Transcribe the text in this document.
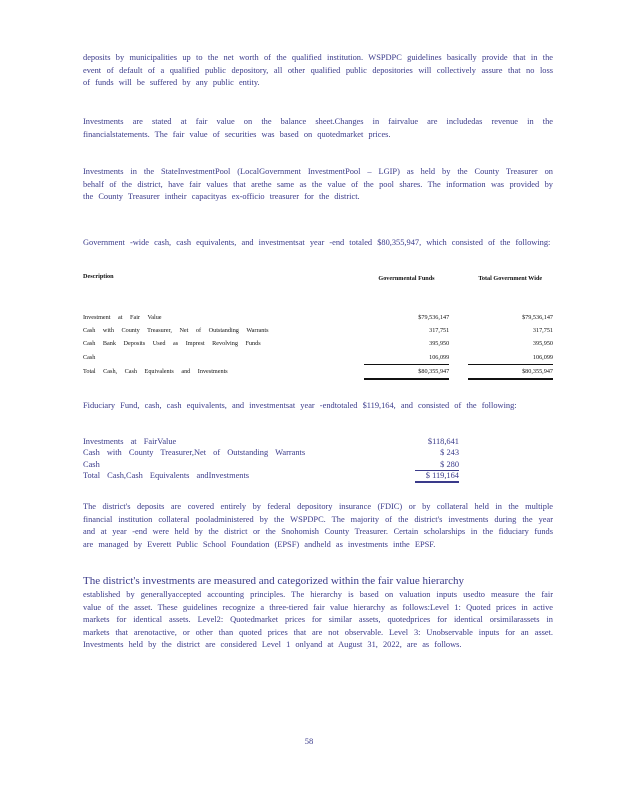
deposits by municipalities up to the net worth of the qualified institution. WSPDPC guidelines basically provide that in the event of default of a qualified public depository, all other qualified public depositories will collectively assure that no loss of funds will be suffered by any public entity.

Investments are stated at fair value on the balance sheet.Changes in fairvalue are includedas revenue in the financialstatements. The fair value of securities was based on quotedmarket prices.

Investments in the StateInvestmentPool (LocalGovernment InvestmentPool – LGIP) as held by the County Treasurer on behalf of the district, have fair values that arethe same as the value of the pool shares. The information was provided by the County Treasurer intheir capacityas ex-officio treasurer for the district.

Government -wide cash, cash equivalents, and investmentsat year -end totaled $80,355,947, which consisted of the following:

Description	Governmental Funds		Total Government Wide
Investment at Fair Value	$79,536,147		$79,536,147
Cash with County Treasurer, Net of Outstanding Warrants	317,751		317,751
Cash Bank Deposits Used as Imprest Revolving Funds	395,950		395,950
Cash	106,099		106,099
Total Cash, Cash Equivalents and Investments	$80,355,947		$80,355,947

Fiduciary Fund, cash, cash equivalents, and investmentsat year -endtotaled $119,164, and consisted of the following:

Investments at FairValue	$118,641
Cash with County Treasurer,Net of Outstanding Warrants	$ 243
Cash	$ 280
Total Cash,Cash Equivalents andInvestments	$ 119,164

The district's deposits are covered entirely by federal depository insurance (FDIC) or by collateral held in the multiple financial institution collateral pooladministered by the WSPDPC. The majority of the district's investments during the year and at year -end were held by the district or the Snohomish County Treasurer. Certain scholarships in the fiduciary funds are managed by Everett Public School Foundation (EPSF) andheld as investments inthe EPSF.

The district's investments are measured and categorized within the fair value hierarchy

established by generallyaccepted accounting principles. The hierarchy is based on valuation inputs usedto measure the fair value of the asset. These guidelines recognize a three-tiered fair value hierarchy as follows:Level 1: Quoted prices in active markets for identical assets. Level2: Quotedmarket prices for similar assets, quotedprices for identical orsimilarassets in markets that arenotactive, or other than quoted prices that are not observable. Level 3: Unobservable inputs for an asset. Investments held by the district are considered Level 1 onlyand at August 31, 2022, are as follows.

58
